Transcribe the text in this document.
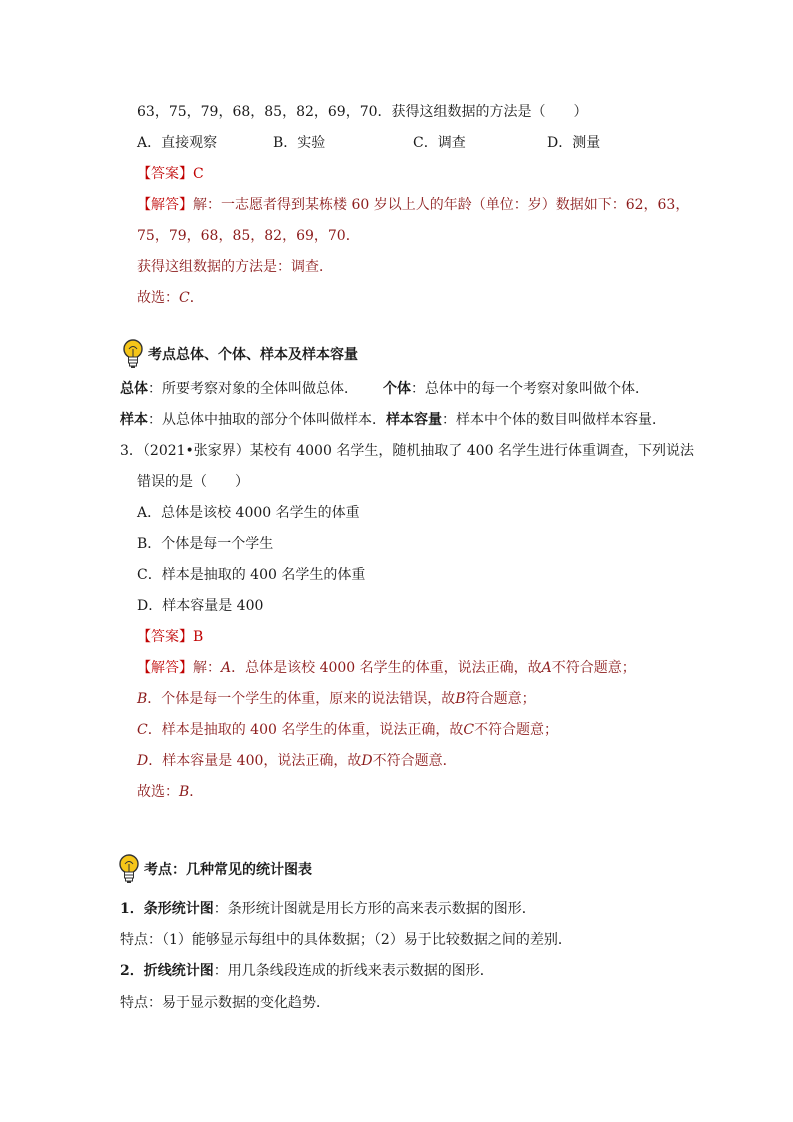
63，75，79，68，85，82，69，70．获得这组数据的方法是（　　）
A．直接观察	B．实验	C．调查	D．测量
【答案】C
【解答】解：一志愿者得到某栋楼 60 岁以上人的年龄（单位：岁）数据如下：62，63，
75，79，68，85，82，69，70．
获得这组数据的方法是：调查．
故选：C．
考点总体、个体、样本及样本容量
总体：所要考察对象的全体叫做总体． 个体：总体中的每一个考察对象叫做个体．
样本：从总体中抽取的部分个体叫做样本．样本容量：样本中个体的数目叫做样本容量．
3．（2021•张家界）某校有 4000 名学生，随机抽取了 400 名学生进行体重调查，下列说法
错误的是（　　）
A．总体是该校 4000 名学生的体重
B．个体是每一个学生
C．样本是抽取的 400 名学生的体重
D．样本容量是 400
【答案】B
【解答】解：A．总体是该校 4000 名学生的体重，说法正确，故A不符合题意；
B．个体是每一个学生的体重，原来的说法错误，故B符合题意；
C．样本是抽取的 400 名学生的体重，说法正确，故C不符合题意；
D．样本容量是 400，说法正确，故D不符合题意．
故选：B．
考点：几种常见的统计图表
1．条形统计图：条形统计图就是用长方形的高来表示数据的图形．
特点：（1）能够显示每组中的具体数据；（2）易于比较数据之间的差别．
2．折线统计图：用几条线段连成的折线来表示数据的图形．
特点：易于显示数据的变化趋势．
